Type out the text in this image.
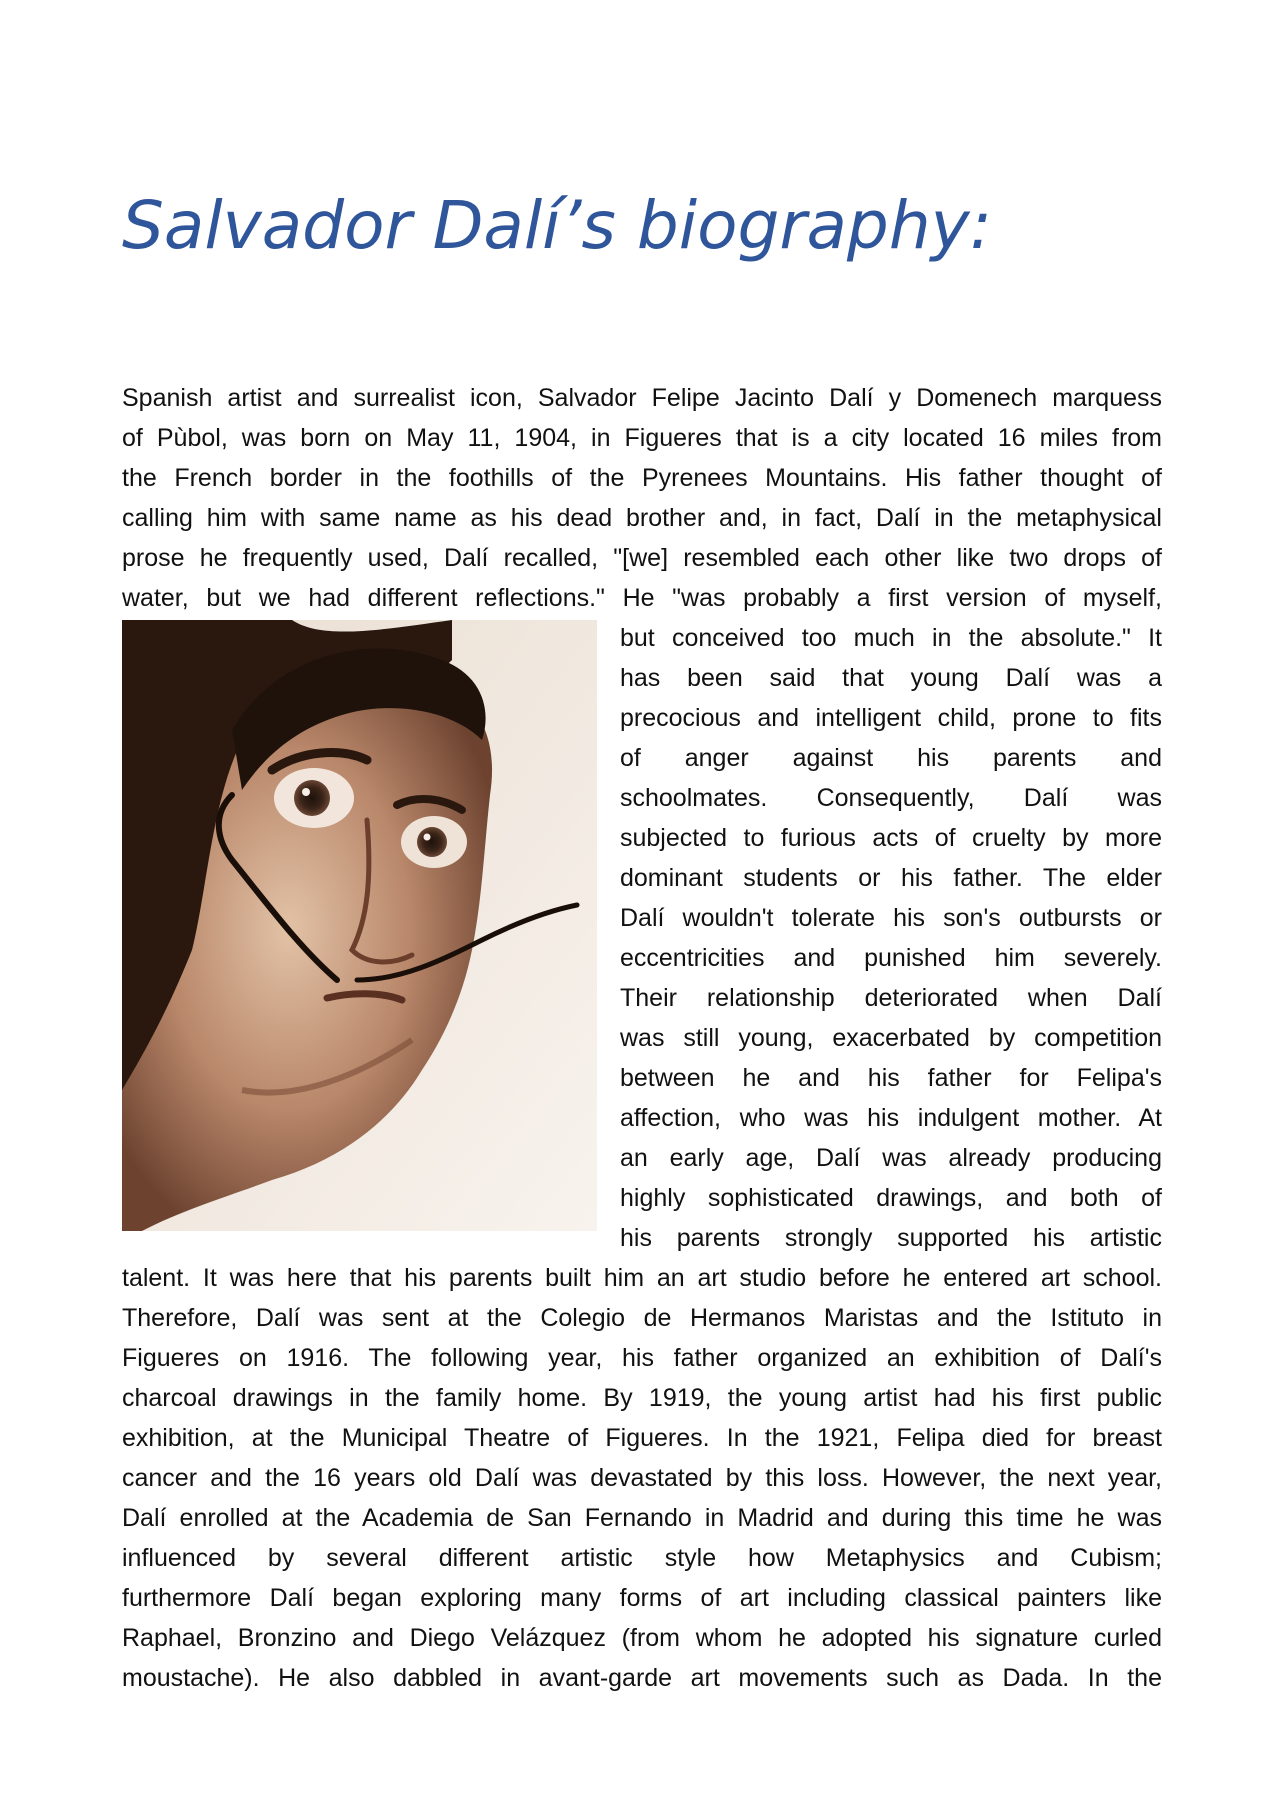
Salvador Dalí’s biography:
Spanish artist and surrealist icon, Salvador Felipe Jacinto Dalí y Domenech marquess
of Pùbol, was born on May 11, 1904, in Figueres that is a city located 16 miles from
the French border in the foothills of the Pyrenees Mountains. His father thought of
calling him with same name as his dead brother and, in fact, Dalí in the metaphysical
prose he frequently used, Dalí recalled, "[we] resembled each other like two drops of
water, but we had different reflections." He "was probably a first version of myself,
but conceived too much in the absolute." It
has been said that young Dalí was a
precocious and intelligent child, prone to fits
of anger against his parents and
schoolmates. Consequently, Dalí was
subjected to furious acts of cruelty by more
dominant students or his father. The elder
Dalí wouldn't tolerate his son's outbursts or
eccentricities and punished him severely.
Their relationship deteriorated when Dalí
was still young, exacerbated by competition
between he and his father for Felipa's
affection, who was his indulgent mother. At
an early age, Dalí was already producing
highly sophisticated drawings, and both of
his parents strongly supported his artistic
talent. It was here that his parents built him an art studio before he entered art school.
Therefore, Dalí was sent at the Colegio de Hermanos Maristas and the Istituto in
Figueres on 1916. The following year, his father organized an exhibition of Dalí's
charcoal drawings in the family home. By 1919, the young artist had his first public
exhibition, at the Municipal Theatre of Figueres. In the 1921, Felipa died for breast
cancer and the 16 years old Dalí was devastated by this loss. However, the next year,
Dalí enrolled at the Academia de San Fernando in Madrid and during this time he was
influenced by several different artistic style how Metaphysics and Cubism;
furthermore Dalí began exploring many forms of art including classical painters like
Raphael, Bronzino and Diego Velázquez (from whom he adopted his signature curled
moustache). He also dabbled in avant-garde art movements such as Dada. In the
